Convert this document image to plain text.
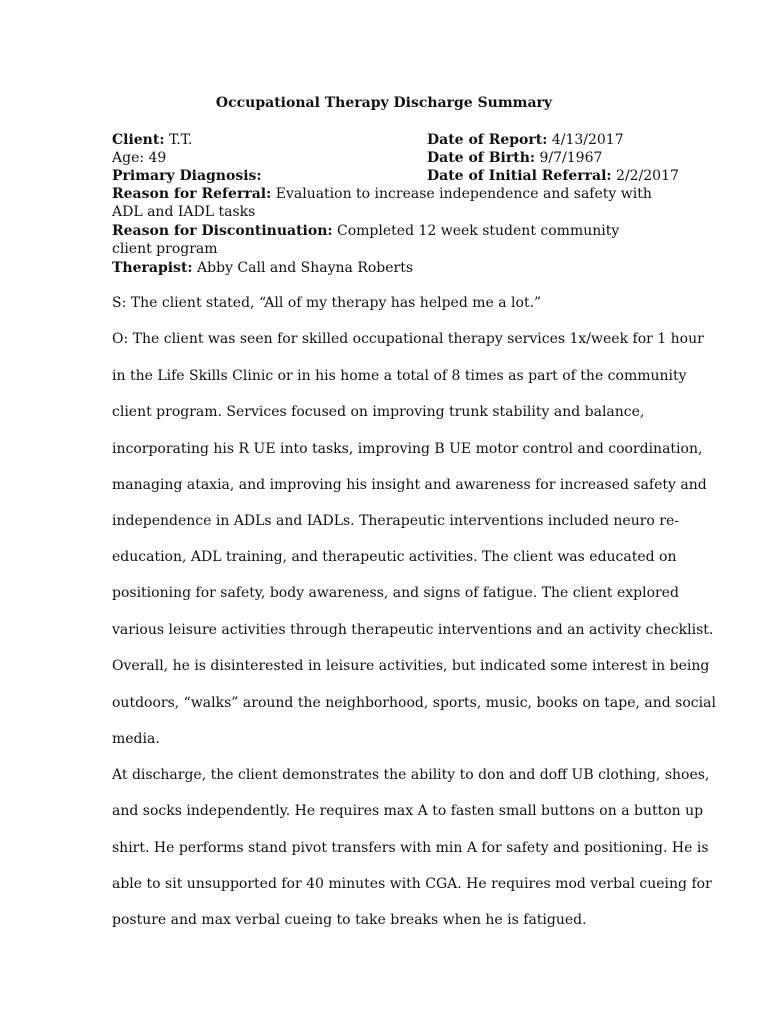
Occupational Therapy Discharge Summary
Client: T.T.	Date of Report: 4/13/2017
Age: 49	Date of Birth: 9/7/1967
Primary Diagnosis:	Date of Initial Referral: 2/2/2017
Reason for Referral: Evaluation to increase independence and safety with ADL and IADL tasks
Reason for Discontinuation: Completed 12 week student community client program
Therapist: Abby Call and Shayna Roberts
S: The client stated, “All of my therapy has helped me a lot.”
O: The client was seen for skilled occupational therapy services 1x/week for 1 hour
in the Life Skills Clinic or in his home a total of 8 times as part of the community
client program. Services focused on improving trunk stability and balance,
incorporating his R UE into tasks, improving B UE motor control and coordination,
managing ataxia, and improving his insight and awareness for increased safety and
independence in ADLs and IADLs. Therapeutic interventions included neuro re-
education, ADL training, and therapeutic activities. The client was educated on
positioning for safety, body awareness, and signs of fatigue. The client explored
various leisure activities through therapeutic interventions and an activity checklist.
Overall, he is disinterested in leisure activities, but indicated some interest in being
outdoors, “walks” around the neighborhood, sports, music, books on tape, and social
media.
At discharge, the client demonstrates the ability to don and doff UB clothing, shoes,
and socks independently. He requires max A to fasten small buttons on a button up
shirt. He performs stand pivot transfers with min A for safety and positioning. He is
able to sit unsupported for 40 minutes with CGA. He requires mod verbal cueing for
posture and max verbal cueing to take breaks when he is fatigued.
